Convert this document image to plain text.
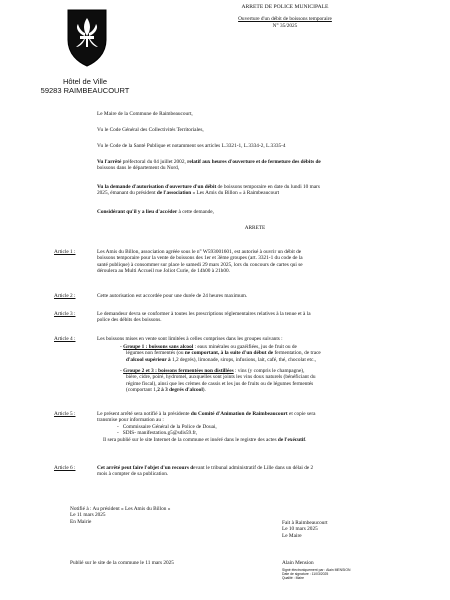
Hôtel de Ville
59283 RAIMBEAUCOURT
ARRETE DE POLICE MUNICIPALE
Ouverture d'un débit de boissons temporaire
N° 35/2025
Le Maire de la Commune de Raimbeaucourt,
Vu le Code Général des Collectivités Territoriales,
Vu le Code de la Santé Publique et notamment ses articles L.3321-1, L.3334-2, L.3335-4
Vu l'arrêté préfectoral du 04 juillet 2002, relatif aux heures d'ouverture et de fermeture des débits de
boissons dans le département du Nord,
Vu la demande d'autorisation d'ouverture d'un débit de boissons temporaire en date du lundi 10 mars
2025, émanant du président de l'association « Les Amis du Billon » à Raimbeaucourt
Considérant qu'il y a lieu d'accéder à cette demande,
ARRETE
Article 1 :	Les Amis du Billon, association agréée sous le n° W593001601, est autorisé à ouvrir un débit de
boissons temporaire pour la vente de boissons des 1er et 3ème groupes (art. 3321-1 du code de la
santé publique) à consommer sur place le samedi 29 mars 2025, lors du concours de cartes qui se
déroulera au Multi Accueil rue Joliot Curie, de 14h00 à 21h00.
Article 2 :	Cette autorisation est accordée pour une durée de 24 heures maximum.
Article 3 :	Le demandeur devra se conformer à toutes les prescriptions réglementaires relatives à la tenue et à la
police des débits des boissons.
Article 4 :	Les boissons mises en vente sont limitées à celles comprises dans les groupes suivants :
- Groupe 1 : boissons sans alcool : eaux minérales ou gazéifiées, jus de fruit ou de
légumes non fermentés (ou ne comportant, à la suite d'un début de fermentation, de trace
d'alcool supérieur à 1,2 degrés), limonade, sirops, infusions, lait, café, thé, chocolat etc.,
- Groupe 2 et 3 : boissons fermentées non distillées : vins (y compris le champagne),
bière, cidre, poiré, hydromel, auxquelles sont joints les vins doux naturels (bénéficiant du
régime fiscal), ainsi que les crèmes de cassis et les jus de fruits ou de légumes fermentés
(comportant 1,2 à 3 degrés d'alcool).
Article 5 :	Le présent arrêté sera notifié à la présidente du Comité d'Animation de Raimbeaucourt et copie sera
transmise pour information au :
-   Commissaire Général de la Police de Douai,
-   SDIS- manifestation.g5@sdis59.fr,
Il sera publié sur le site Internet de la commune et inséré dans le registre des actes de l'exécutif.
Article 6 :	Cet arrêté peut faire l'objet d'un recours devant le tribunal administratif de Lille dans un délai de 2
mois à compter de sa publication.
Notifié à : Au président « Les Amis du Billon »
Le 11 mars 2025
En Mairie	Fait à Raimbeaucourt
Le 10 mars 2025
Le Maire
Publié sur le site de la commune le 11 mars 2025	Alain Mension
Signé électroniquement par : Alain MENSION
Date de signature : 11/03/2025
Qualité : Maire
